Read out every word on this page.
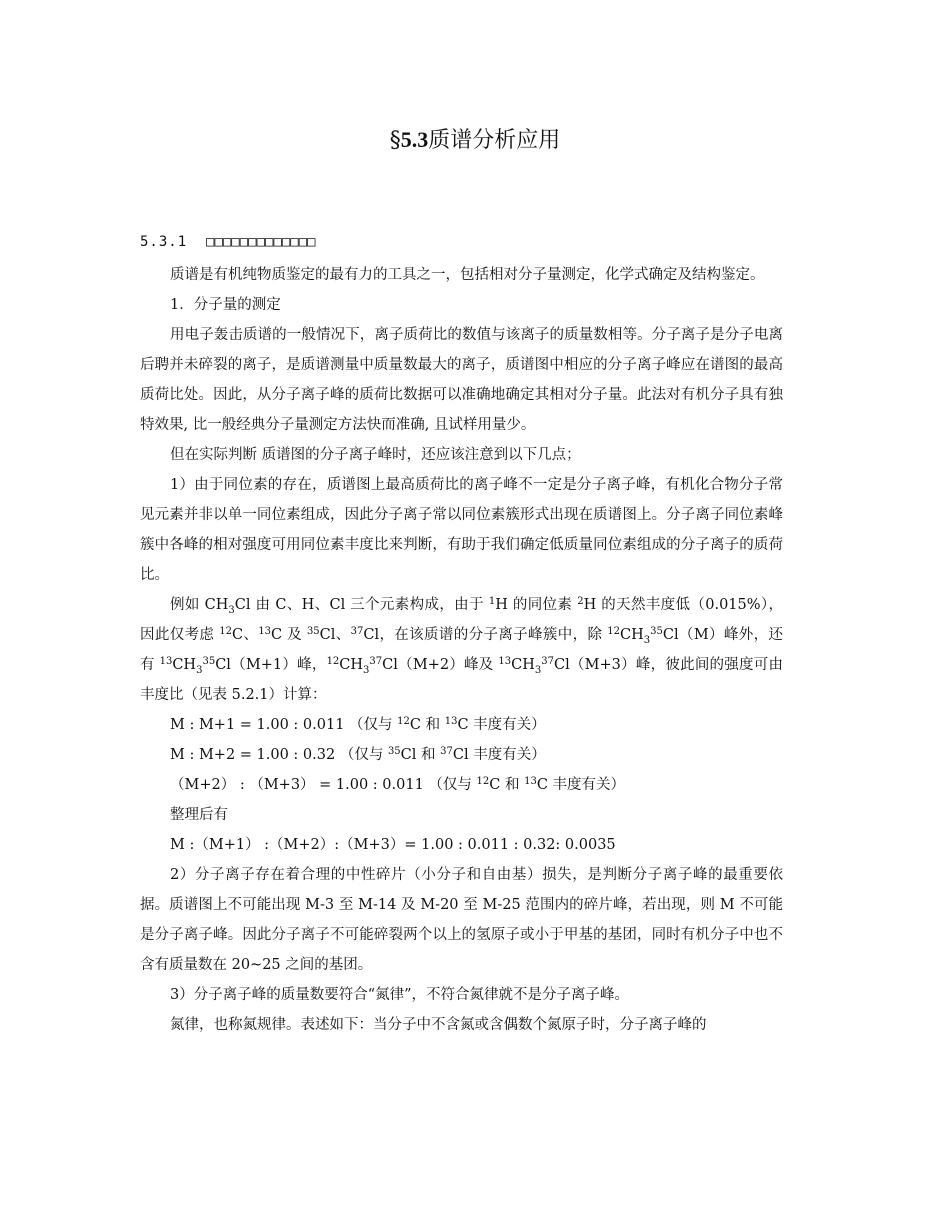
§5.3质谱分析应用
5.3.1 □□□□□□□□□□□□□

质谱是有机纯物质鉴定的最有力的工具之一，包括相对分子量测定，化学式确定及结构鉴定。

1．分子量的测定

用电子轰击质谱的一般情况下，离子质荷比的数值与该离子的质量数相等。分子离子是分子电离后聘并未碎裂的离子，是质谱测量中质量数最大的离子，质谱图中相应的分子离子峰应在谱图的最高质荷比处。因此，从分子离子峰的质荷比数据可以准确地确定其相对分子量。此法对有机分子具有独特效果, 比一般经典分子量测定方法快而准确, 且试样用量少。

但在实际判断 质谱图的分子离子峰时，还应该注意到以下几点；

1）由于同位素的存在，质谱图上最高质荷比的离子峰不一定是分子离子峰，有机化合物分子常见元素并非以单一同位素组成，因此分子离子常以同位素簇形式出现在质谱图上。分子离子同位素峰簇中各峰的相对强度可用同位素丰度比来判断，有助于我们确定低质量同位素组成的分子离子的质荷比。

例如 $CH_3Cl$ 由 C、H、Cl 三个元素构成，由于 $^1$H 的同位素 $^2$H 的天然丰度低（0.015%），因此仅考虑 $^{12}$C、$^{13}$C 及 $^{35}$Cl、$^{37}$Cl，在该质谱的分子离子峰簇中，除 $^{12}CH_3^{35}Cl(M)$峰外，还有 $^{13}CH_3^{35}Cl(M+1)$峰，$^{12}CH_3^{37}Cl(M+2)$峰及 $^{13}CH_3^{37}Cl(M+3)$峰，彼此间的强度可由丰度比（见表 5.2.1）计算：

M : M+1 = 1.00 : 0.011 （仅与 $^{12}$C 和 $^{13}$C 丰度有关）

M : M+2 = 1.00 : 0.32 （仅与 $^{35}$Cl 和 $^{37}$Cl 丰度有关）

（M+2） : （M+3） = 1.00 : 0.011 （仅与 $^{12}$C 和 $^{13}$C 丰度有关）

整理后有

M :（M+1） :（M+2）:（M+3）= 1.00 : 0.011 : 0.32: 0.0035

2）分子离子存在着合理的中性碎片（小分子和自由基）损失，是判断分子离子峰的最重要依据。质谱图上不可能出现 M-3 至 M-14 及 M-20 至 M-25 范围内的碎片峰，若出现，则 M 不可能是分子离子峰。因此分子离子不可能碎裂两个以上的氢原子或小于甲基的基团，同时有机分子中也不含有质量数在 20~25 之间的基团。

3）分子离子峰的质量数要符合“氮律”，不符合氮律就不是分子离子峰。

氮律，也称氮规律。表述如下：当分子中不含氮或含偶数个氮原子时，分子离子峰的
